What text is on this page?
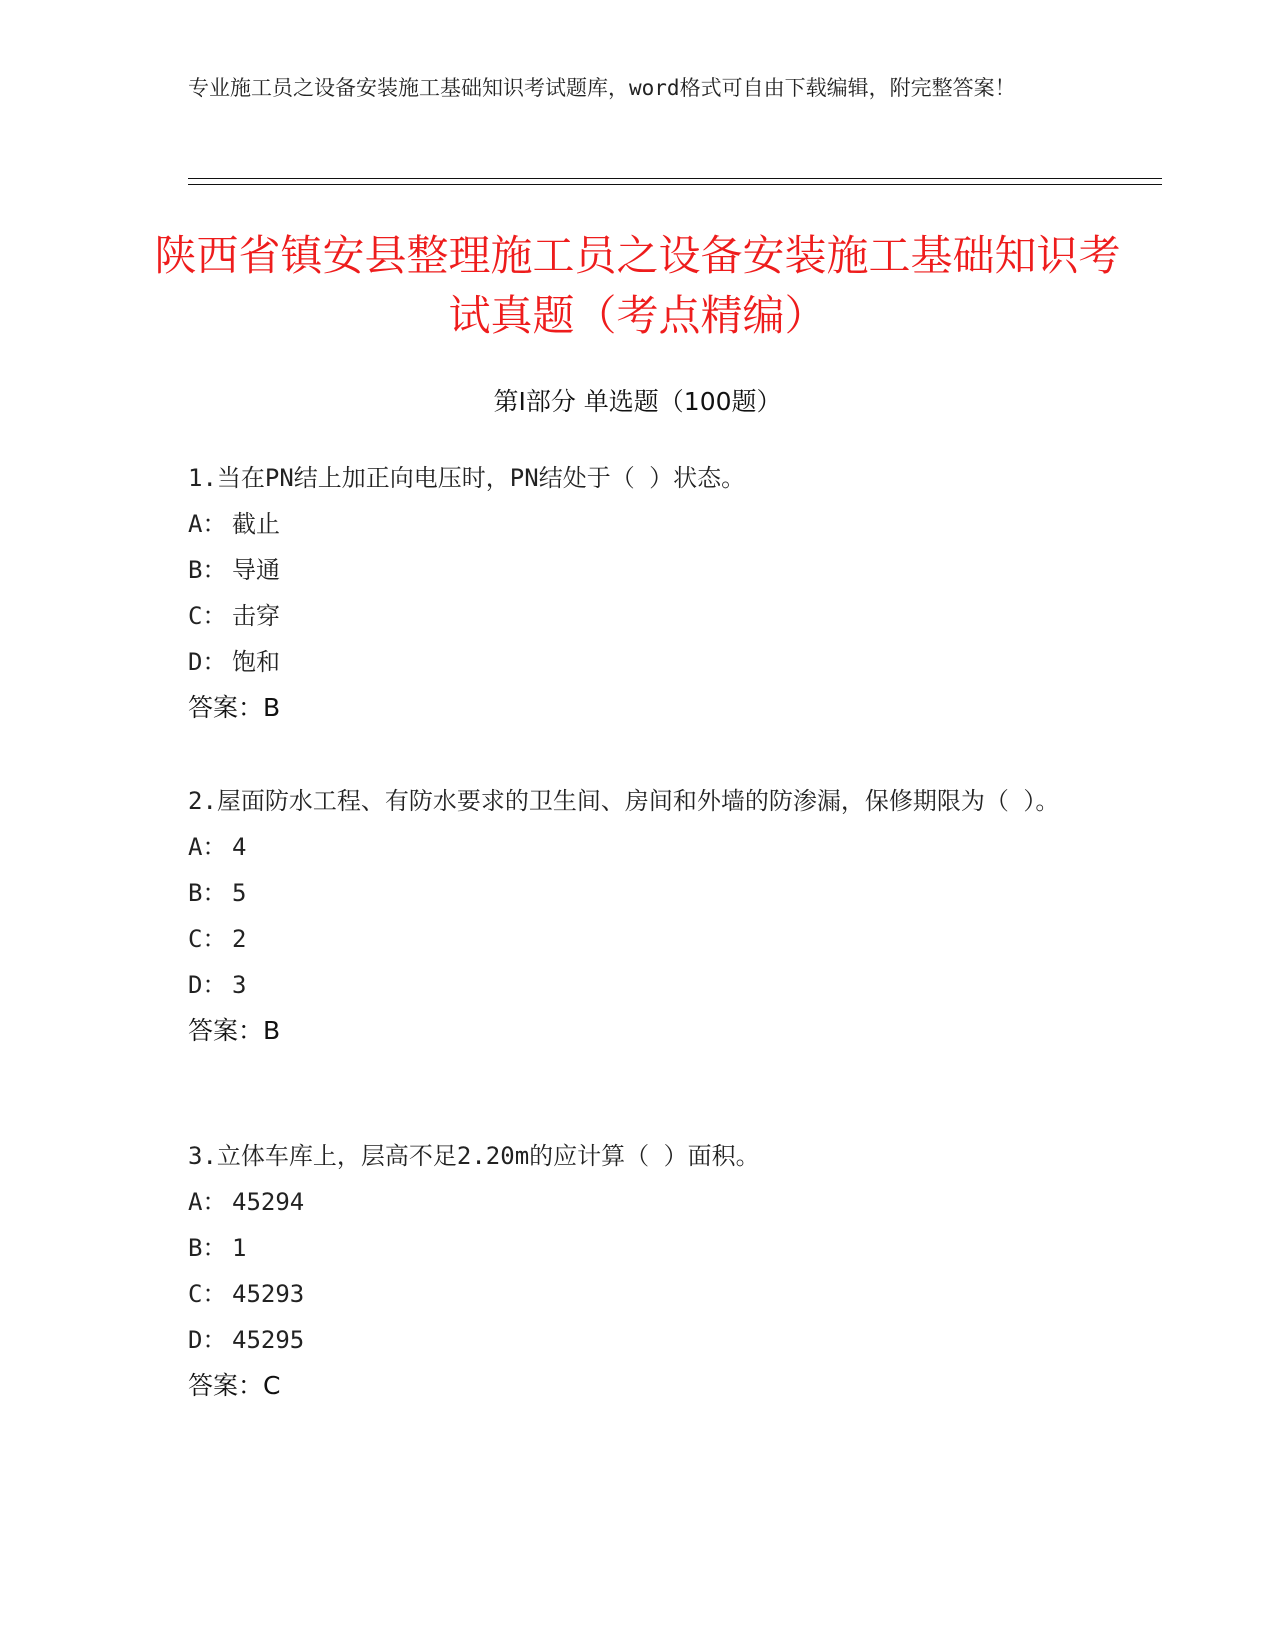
专业施工员之设备安装施工基础知识考试题库，word格式可自由下载编辑，附完整答案！
陕西省镇安县整理施工员之设备安装施工基础知识考试真题（考点精编）
第Ⅰ部分 单选题（100题）

1.当在PN结上加正向电压时，PN结处于（ ）状态。

A： 截止

B： 导通

C： 击穿

D： 饱和

答案：B

2.屋面防水工程、有防水要求的卫生间、房间和外墙的防渗漏，保修期限为（ ）。

A： 4

B： 5

C： 2

D： 3

答案：B

3.立体车库上，层高不足2.20m的应计算（ ）面积。

A： 45294

B： 1

C： 45293

D： 45295

答案：C
